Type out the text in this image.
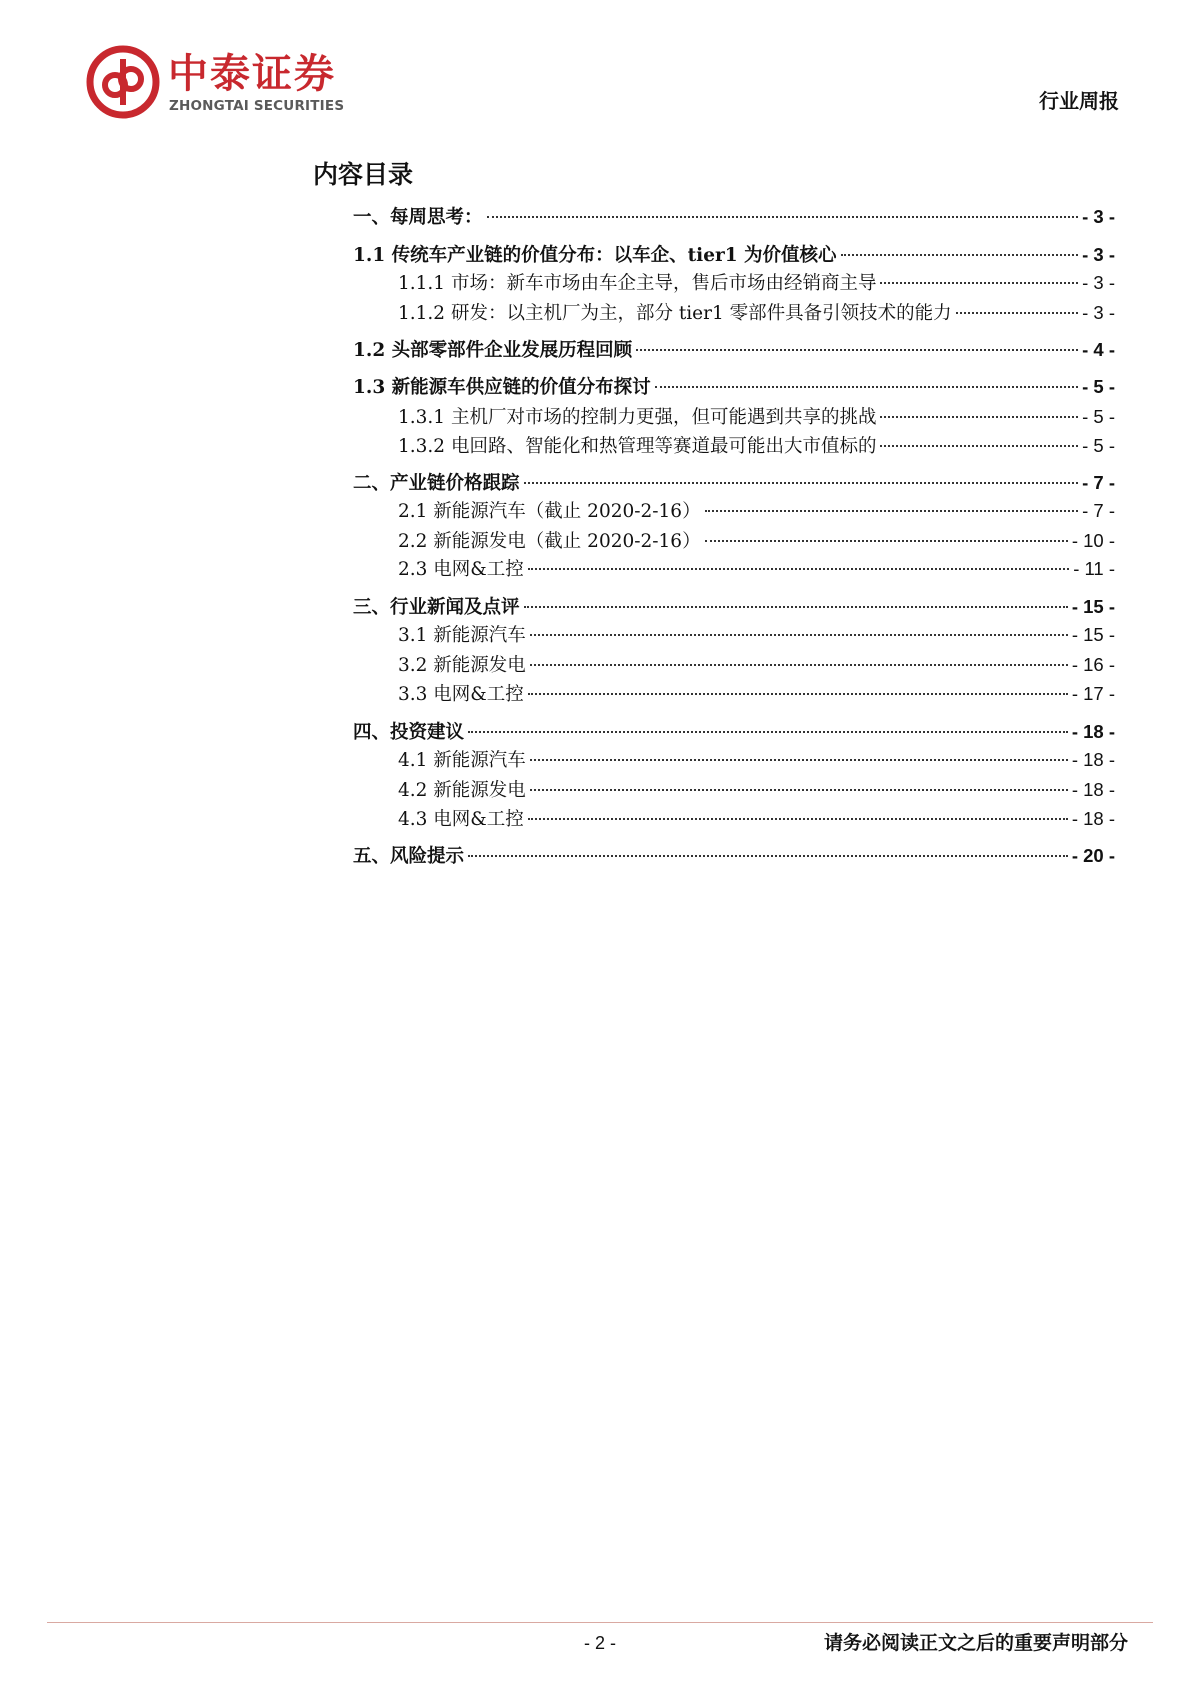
中泰证券
ZHONGTAI SECURITIES	行业周报
内容目录
一、每周思考：	- 3 -
1.1 传统车产业链的价值分布：以车企、tier1 为价值核心	- 3 -
1.1.1 市场：新车市场由车企主导，售后市场由经销商主导	- 3 -
1.1.2 研发：以主机厂为主，部分 tier1 零部件具备引领技术的能力	- 3 -
1.2 头部零部件企业发展历程回顾	- 4 -
1.3 新能源车供应链的价值分布探讨	- 5 -
1.3.1 主机厂对市场的控制力更强，但可能遇到共享的挑战	- 5 -
1.3.2 电回路、智能化和热管理等赛道最可能出大市值标的	- 5 -
二、产业链价格跟踪	- 7 -
2.1 新能源汽车（截止 2020-2-16）	- 7 -
2.2 新能源发电（截止 2020-2-16）	- 10 -
2.3 电网&工控	- 11 -
三、行业新闻及点评	- 15 -
3.1 新能源汽车	- 15 -
3.2 新能源发电	- 16 -
3.3 电网&工控	- 17 -
四、投资建议	- 18 -
4.1 新能源汽车	- 18 -
4.2 新能源发电	- 18 -
4.3 电网&工控	- 18 -
五、风险提示	- 20 -
- 2 -	请务必阅读正文之后的重要声明部分
